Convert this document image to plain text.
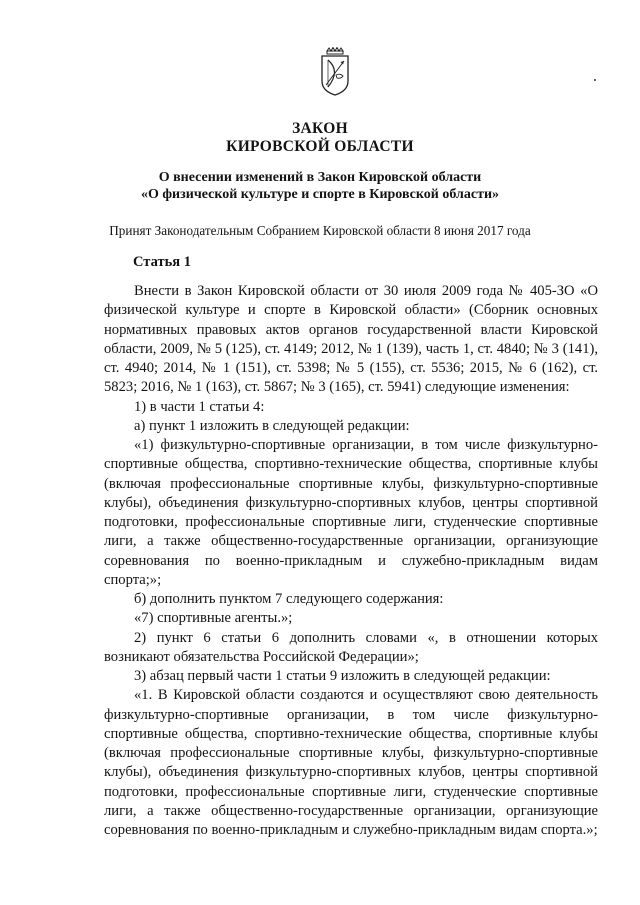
ЗАКОН
КИРОВСКОЙ ОБЛАСТИ
О внесении изменений в Закон Кировской области
«О физической культуре и спорте в Кировской области»
Принят Законодательным Собранием Кировской области 8 июня 2017 года
Статья 1

Внести в Закон Кировской области от 30 июля 2009 года № 405-ЗО «О физической культуре и спорте в Кировской области» (Сборник основных нормативных правовых актов органов государственной власти Кировской области, 2009, № 5 (125), ст. 4149; 2012, № 1 (139), часть 1, ст. 4840; № 3 (141), ст. 4940; 2014, № 1 (151), ст. 5398; № 5 (155), ст. 5536; 2015, № 6 (162), ст. 5823; 2016, № 1 (163), ст. 5867; № 3 (165), ст. 5941) следующие изменения:

1) в части 1 статьи 4:

а) пункт 1 изложить в следующей редакции:

«1) физкультурно-спортивные организации, в том числе физкультурно-спортивные общества, спортивно-технические общества, спортивные клубы (включая профессиональные спортивные клубы, физкультурно-спортивные клубы), объединения физкультурно-спортивных клубов, центры спортивной подготовки, профессиональные спортивные лиги, студенческие спортивные лиги, а также общественно-государственные организации, организующие соревнования по военно-прикладным и служебно-прикладным видам спорта;»;

б) дополнить пунктом 7 следующего содержания:

«7) спортивные агенты.»;

2) пункт 6 статьи 6 дополнить словами «, в отношении которых возникают обязательства Российской Федерации»;

3) абзац первый части 1 статьи 9 изложить в следующей редакции:

«1. В Кировской области создаются и осуществляют свою деятельность физкультурно-спортивные организации, в том числе физкультурно-спортивные общества, спортивно-технические общества, спортивные клубы (включая профессиональные спортивные клубы, физкультурно-спортивные клубы), объединения физкультурно-спортивных клубов, центры спортивной подготовки, профессиональные спортивные лиги, студенческие спортивные лиги, а также общественно-государственные организации, организующие соревнования по военно-прикладным и служебно-прикладным видам спорта.»;
